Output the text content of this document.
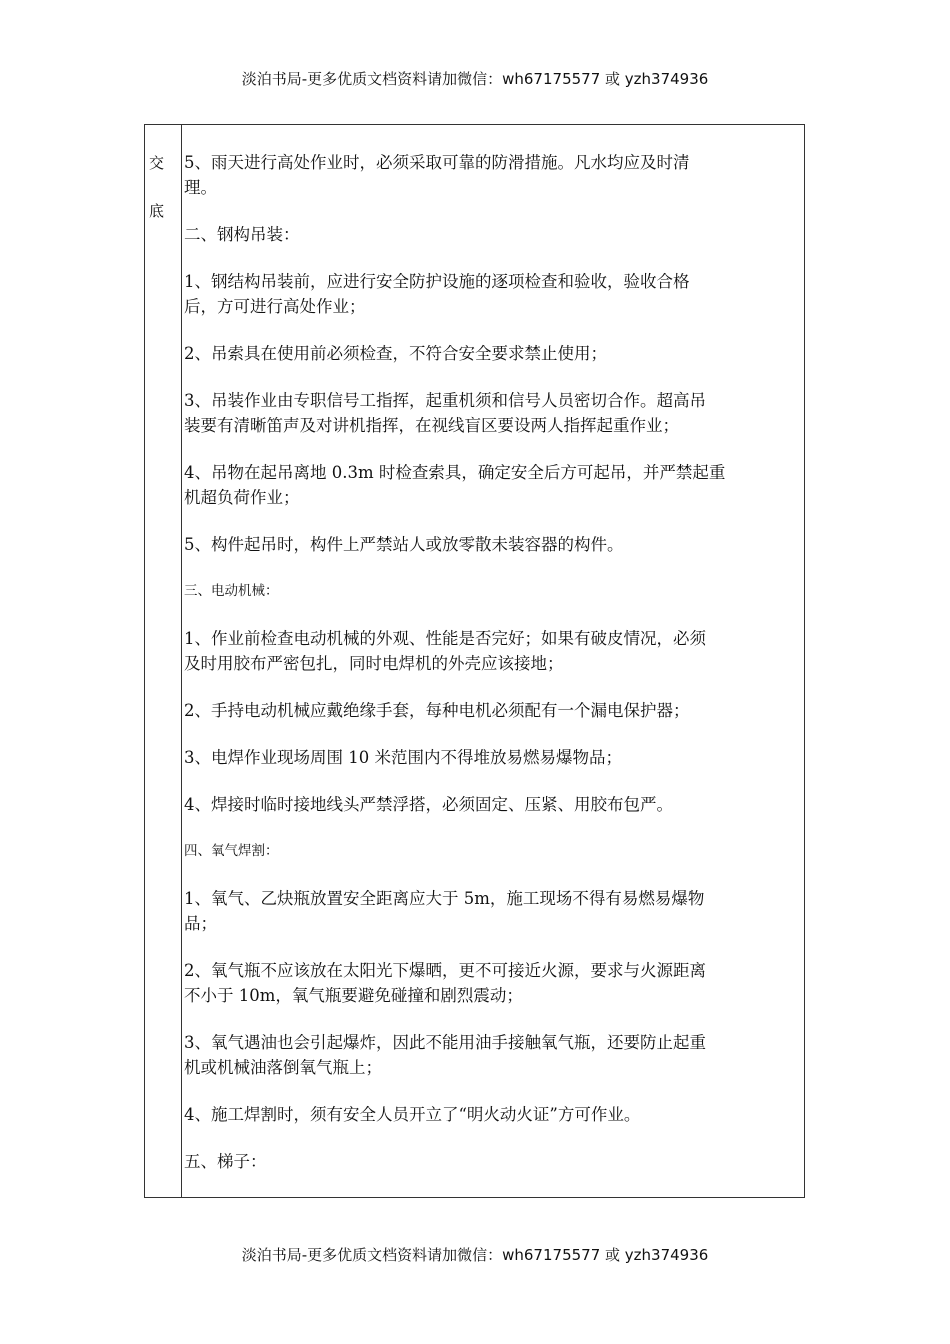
淡泊书局-更多优质文档资料请加微信：wh67175577 或 yzh374936
交
底

5、雨天进行高处作业时，必须采取可靠的防滑措施。凡水均应及时清
理。

二、钢构吊装：

1、钢结构吊装前，应进行安全防护设施的逐项检查和验收，验收合格
后，方可进行高处作业；

2、吊索具在使用前必须检查，不符合安全要求禁止使用；

3、吊装作业由专职信号工指挥，起重机须和信号人员密切合作。超高吊
装要有清晰笛声及对讲机指挥，在视线盲区要设两人指挥起重作业；

4、吊物在起吊离地 0.3m 时检查索具，确定安全后方可起吊，并严禁起重
机超负荷作业；

5、构件起吊时，构件上严禁站人或放零散未装容器的构件。

三、电动机械：

1、作业前检查电动机械的外观、性能是否完好；如果有破皮情况，必须
及时用胶布严密包扎，同时电焊机的外壳应该接地；

2、手持电动机械应戴绝缘手套，每种电机必须配有一个漏电保护器；

3、电焊作业现场周围 10 米范围内不得堆放易燃易爆物品；

4、焊接时临时接地线头严禁浮搭，必须固定、压紧、用胶布包严。

四、氧气焊割：

1、氧气、乙炔瓶放置安全距离应大于 5m，施工现场不得有易燃易爆物
品；

2、氧气瓶不应该放在太阳光下爆晒，更不可接近火源，要求与火源距离
不小于 10m，氧气瓶要避免碰撞和剧烈震动；

3、氧气遇油也会引起爆炸，因此不能用油手接触氧气瓶，还要防止起重
机或机械油落倒氧气瓶上；

4、施工焊割时，须有安全人员开立了“明火动火证”方可作业。

五、梯子：

淡泊书局-更多优质文档资料请加微信：wh67175577 或 yzh374936
